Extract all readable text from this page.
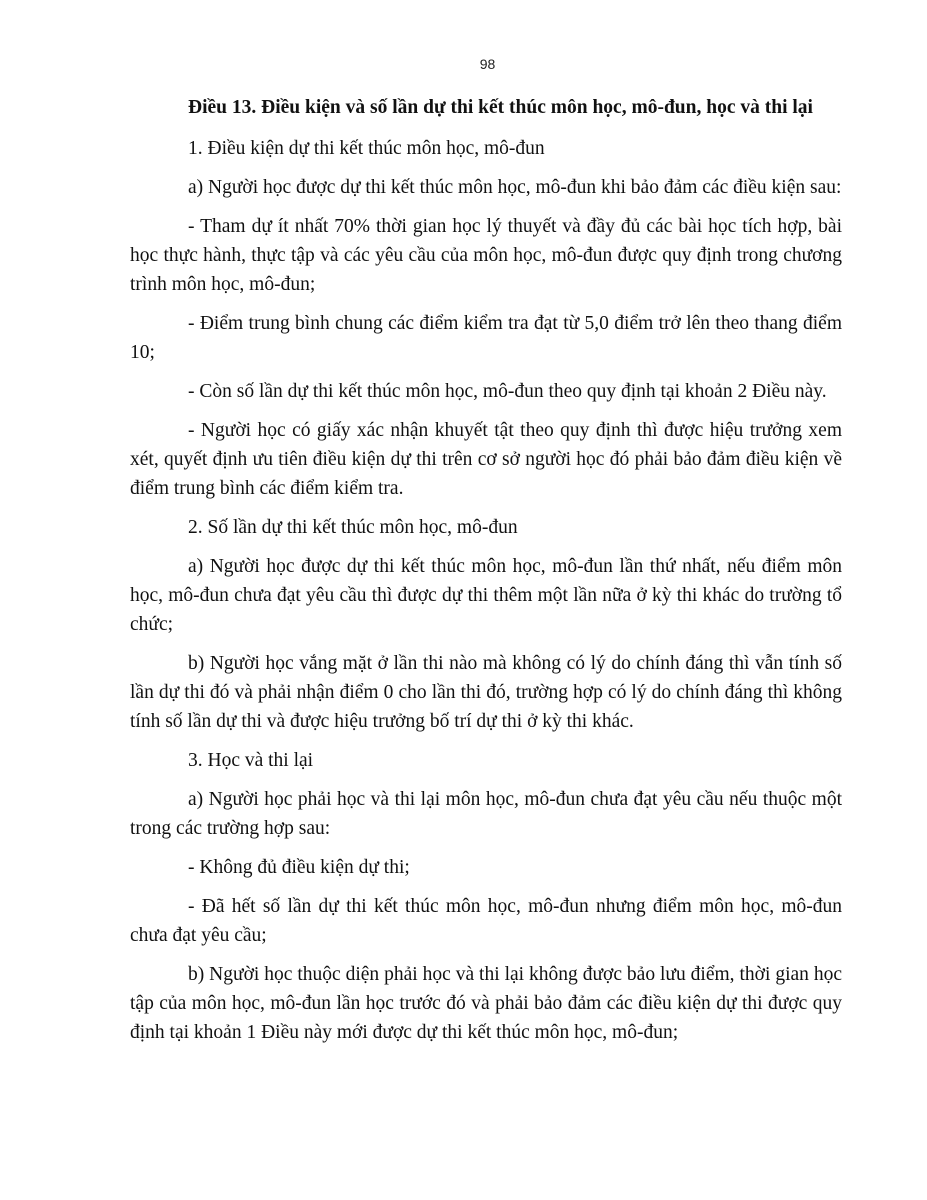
98
Điều 13. Điều kiện và số lần dự thi kết thúc môn học, mô-đun, học và thi lại

1. Điều kiện dự thi kết thúc môn học, mô-đun

a) Người học được dự thi kết thúc môn học, mô-đun khi bảo đảm các điều kiện sau:

- Tham dự ít nhất 70% thời gian học lý thuyết và đầy đủ các bài học tích hợp, bài học thực hành, thực tập và các yêu cầu của môn học, mô-đun được quy định trong chương trình môn học, mô-đun;

- Điểm trung bình chung các điểm kiểm tra đạt từ 5,0 điểm trở lên theo thang điểm 10;

- Còn số lần dự thi kết thúc môn học, mô-đun theo quy định tại khoản 2 Điều này.

- Người học có giấy xác nhận khuyết tật theo quy định thì được hiệu trưởng xem xét, quyết định ưu tiên điều kiện dự thi trên cơ sở người học đó phải bảo đảm điều kiện về điểm trung bình các điểm kiểm tra.

2. Số lần dự thi kết thúc môn học, mô-đun

a) Người học được dự thi kết thúc môn học, mô-đun lần thứ nhất, nếu điểm môn học, mô-đun chưa đạt yêu cầu thì được dự thi thêm một lần nữa ở kỳ thi khác do trường tổ chức;

b) Người học vắng mặt ở lần thi nào mà không có lý do chính đáng thì vẫn tính số lần dự thi đó và phải nhận điểm 0 cho lần thi đó, trường hợp có lý do chính đáng thì không tính số lần dự thi và được hiệu trưởng bố trí dự thi ở kỳ thi khác.

3. Học và thi lại

a) Người học phải học và thi lại môn học, mô-đun chưa đạt yêu cầu nếu thuộc một trong các trường hợp sau:

- Không đủ điều kiện dự thi;

- Đã hết số lần dự thi kết thúc môn học, mô-đun nhưng điểm môn học, mô-đun chưa đạt yêu cầu;

b) Người học thuộc diện phải học và thi lại không được bảo lưu điểm, thời gian học tập của môn học, mô-đun lần học trước đó và phải bảo đảm các điều kiện dự thi được quy định tại khoản 1 Điều này mới được dự thi kết thúc môn học, mô-đun;
